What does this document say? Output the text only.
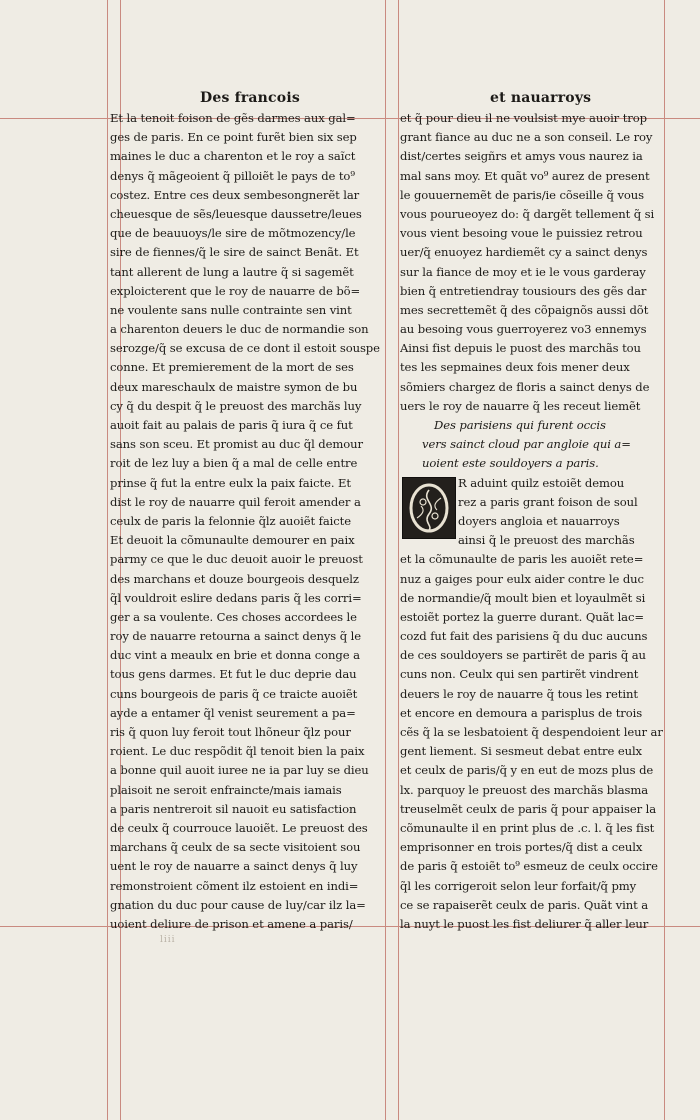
Des francois	et nauarroys
Et la tenoit foison de gẽs darmes aux gal=
ges de paris. En ce point furẽt bien six sep
maines le duc a charenton et le roy a saĩct
denys q̃ mãgeoient q̃ pilloiẽt le pays de to⁹
costez. Entre ces deux sembesongnerẽt lar
cheuesque de sẽs/leuesque daussetre/leues
que de beauuoys/le sire de mõtmozency/le
sire de fiennes/q̃ le sire de sainct Benãt. Et
tant allerent de lung a lautre q̃ si sagemẽt
exploicterent que le roy de nauarre de bõ=
ne voulente sans nulle contrainte sen vint
a charenton deuers le duc de normandie son
serozge/q̃ se excusa de ce dont il estoit souspe
conne. Et premierement de la mort de ses
deux mareschaulx de maistre symon de bu
cy q̃ du despit q̃ le preuost des marchãs luy
auoit fait au palais de paris q̃ iura q̃ ce fut
sans son sceu. Et promist au duc q̃l demour
roit de lez luy a bien q̃ a mal de celle entre
prinse q̃ fut la entre eulx la paix faicte. Et
dist le roy de nauarre quil feroit amender a
ceulx de paris la felonnie q̃lz auoiẽt faicte
Et deuoit la cõmunaulte demourer en paix
parmy ce que le duc deuoit auoir le preuost
des marchans et douze bourgeois desquelz
q̃l vouldroit eslire dedans paris q̃ les corri=
ger a sa voulente. Ces choses accordees le
roy de nauarre retourna a sainct denys q̃ le
duc vint a meaulx en brie et donna conge a
tous gens darmes. Et fut le duc deprie dau
cuns bourgeois de paris q̃ ce traicte auoiẽt
ayde a entamer q̃l venist seurement a pa=
ris q̃ quon luy feroit tout lhõneur q̃lz pour
roient. Le duc respõdit q̃l tenoit bien la paix
a bonne quil auoit iuree ne ia par luy se dieu
plaisoit ne seroit enfraincte/mais iamais
a paris nentreroit sil nauoit eu satisfaction
de ceulx q̃ courrouce lauoiẽt. Le preuost des
marchans q̃ ceulx de sa secte visitoient sou
uent le roy de nauarre a sainct denys q̃ luy
remonstroient cõment ilz estoient en indi=
gnation du duc pour cause de luy/car ilz la=
uoient deliure de prison et amene a paris/
et q̃ pour dieu il ne voulsist mye auoir trop
grant fiance au duc ne a son conseil. Le roy
dist/certes seigñrs et amys vous naurez ia
mal sans moy. Et quãt vo⁹ aurez de present
le gouuernemẽt de paris/ie cõseille q̃ vous
vous pourueoyez do: q̃ dargẽt tellement q̃ si
vous vient besoing voue le puissiez retrou
uer/q̃ enuoyez hardiemẽt cy a sainct denys
sur la fiance de moy et ie le vous garderay
bien q̃ entretiendray tousiours des gẽs dar
mes secrettemẽt q̃ des cõpaignõs aussi dõt
au besoing vous guerroyerez vo3 ennemys
Ainsi fist depuis le puost des marchãs tou
tes les sepmaines deux fois mener deux
sõmiers chargez de floris a sainct denys de
uers le roy de nauarre q̃ les receut liemẽt
Des parisiens qui furent occis
vers sainct cloud par angloie qui a=
uoient este souldoyers a paris.
R aduint quilz estoiẽt demou
rez a paris grant foison de soul
doyers angloia et nauarroys
ainsi q̃ le preuost des marchãs
et la cõmunaulte de paris les auoiẽt rete=
nuz a gaiges pour eulx aider contre le duc
de normandie/q̃ moult bien et loyaulmẽt si
estoiẽt portez la guerre durant. Quãt lac=
cozd fut fait des parisiens q̃ du duc aucuns
de ces souldoyers se partirẽt de paris q̃ au
cuns non. Ceulx qui sen partirẽt vindrent
deuers le roy de nauarre q̃ tous les retint
et encore en demoura a parisplus de trois
cẽs q̃ la se lesbatoient q̃ despendoient leur ar
gent liement. Si sesmeut debat entre eulx
et ceulx de paris/q̃ y en eut de mozs plus de
lx. parquoy le preuost des marchãs blasma
treuselmẽt ceulx de paris q̃ pour appaiser la
cõmunaulte il en print plus de .c. l. q̃ les fist
emprisonner en trois portes/q̃ dist a ceulx
de paris q̃ estoiẽt to⁹ esmeuz de ceulx occire
q̃l les corrigeroit selon leur forfait/q̃ pmy
ce se rapaiserẽt ceulx de paris. Quãt vint a
la nuyt le puost les fist deliurer q̃ aller leur
liii
